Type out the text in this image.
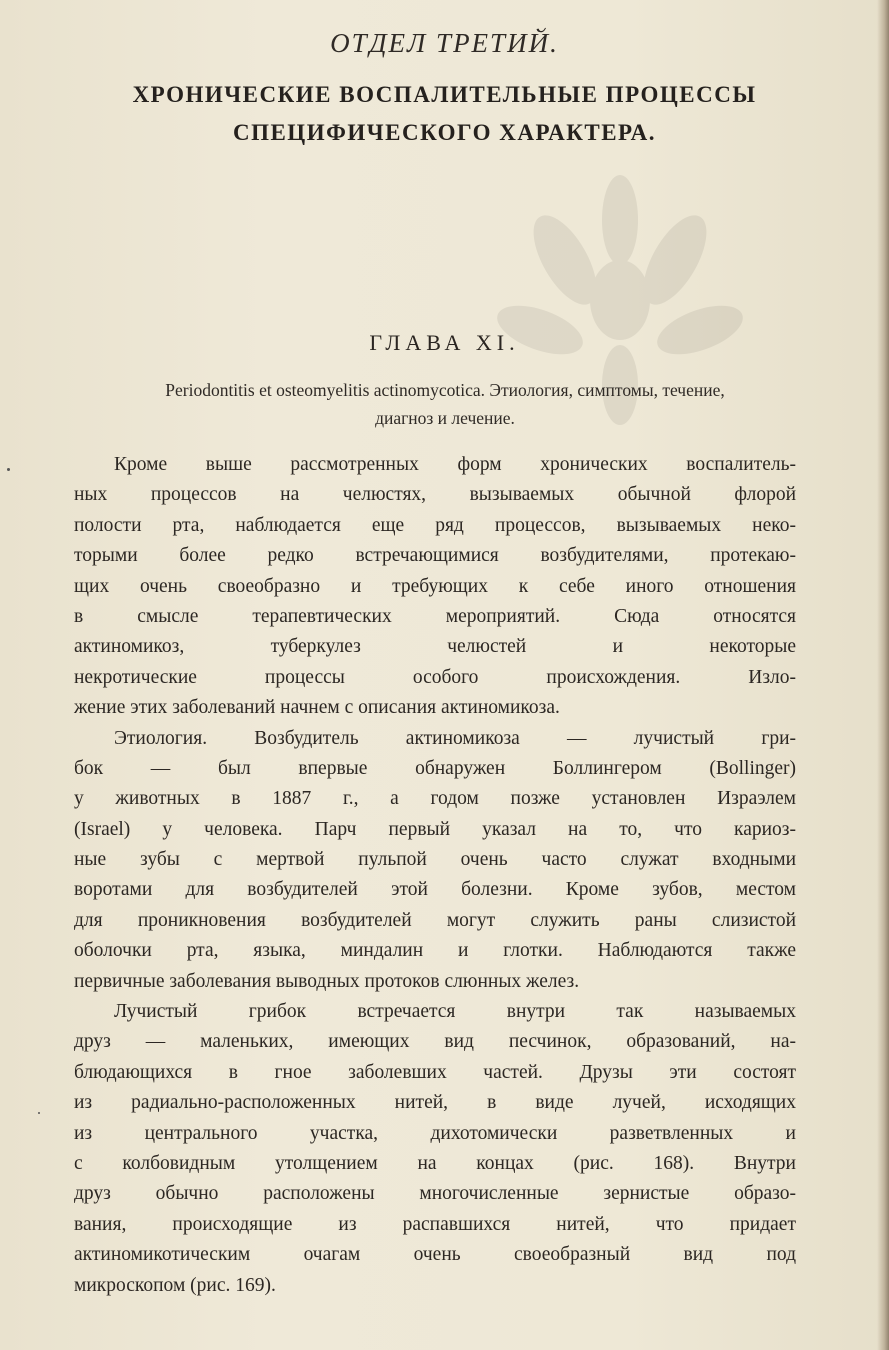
ОТДЕЛ ТРЕТИЙ.
ХРОНИЧЕСКИЕ ВОСПАЛИТЕЛЬНЫЕ ПРОЦЕССЫ
СПЕЦИФИЧЕСКОГО ХАРАКТЕРА.
ГЛАВА XI.
Periodontitis et osteomyelitis actinomycotica. Этиология, симптомы, течение,
диагноз и лечение.
Кроме выше рассмотренных форм хронических воспалитель-
ных процессов на челюстях, вызываемых обычной флорой
полости рта, наблюдается еще ряд процессов, вызываемых неко-
торыми более редко встречающимися возбудителями, протекаю-
щих очень своеобразно и требующих к себе иного отношения
в смысле терапевтических мероприятий. Сюда относятся
актиномикоз, туберкулез челюстей и некоторые
некротические процессы особого происхождения. Изло-
жение этих заболеваний начнем с описания актиномикоза.
Этиология. Возбудитель актиномикоза — лучистый гри-
бок — был впервые обнаружен Боллингером (Bollinger)
у животных в 1887 г., а годом позже установлен Израэлем
(Israel) у человека. Парч первый указал на то, что кариоз-
ные зубы с мертвой пульпой очень часто служат входными
воротами для возбудителей этой болезни. Кроме зубов, местом
для проникновения возбудителей могут служить раны слизистой
оболочки рта, языка, миндалин и глотки. Наблюдаются также
первичные заболевания выводных протоков слюнных желез.
Лучистый грибок встречается внутри так называемых
друз — маленьких, имеющих вид песчинок, образований, на-
блюдающихся в гное заболевших частей. Друзы эти состоят
из радиально-расположенных нитей, в виде лучей, исходящих
из центрального участка, дихотомически разветвленных и
с колбовидным утолщением на концах (рис. 168). Внутри
друз обычно расположены многочисленные зернистые образо-
вания, происходящие из распавшихся нитей, что придает
актиномикотическим очагам очень своеобразный вид под
микроскопом (рис. 169).
